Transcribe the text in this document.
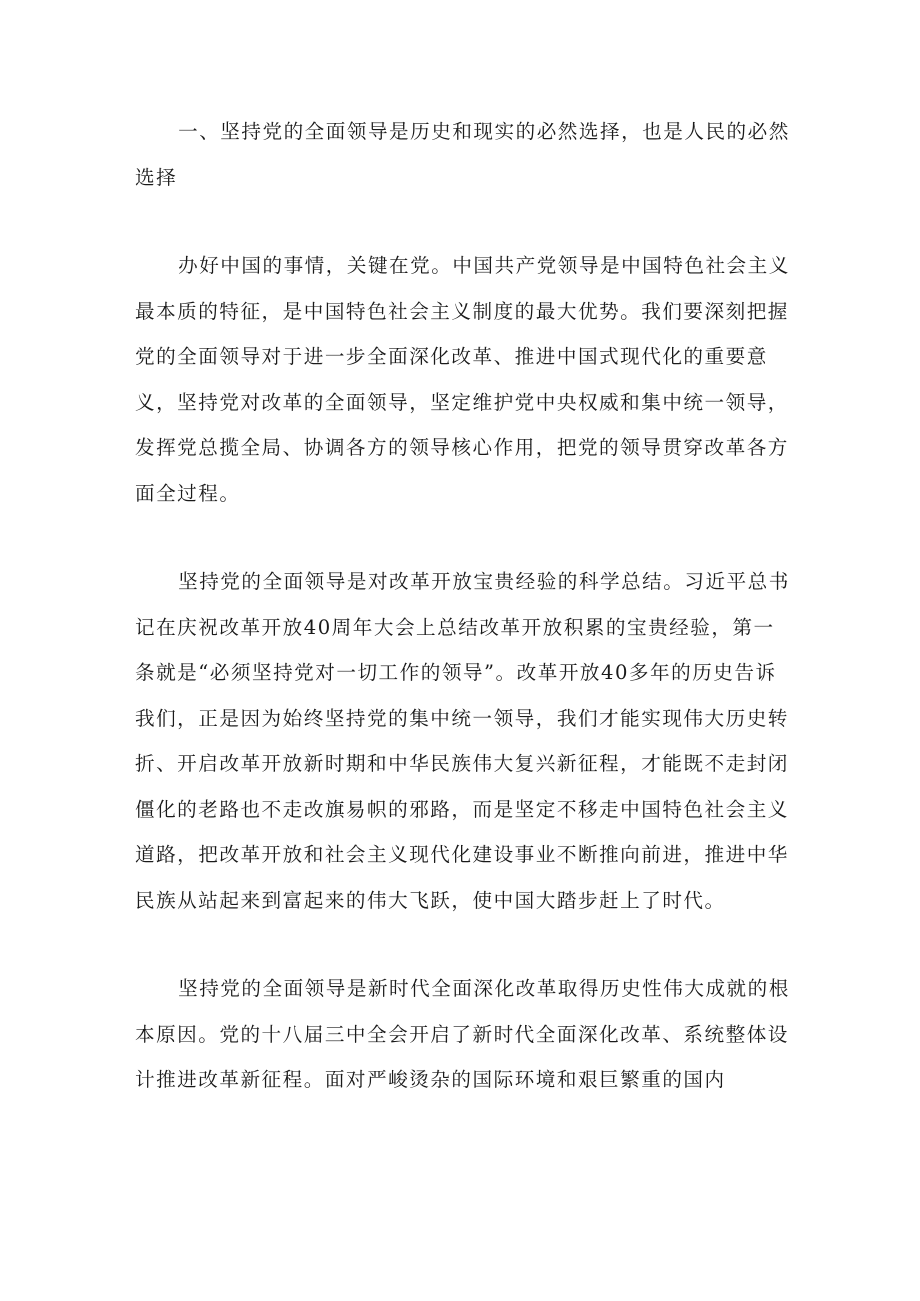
一、坚持党的全面领导是历史和现实的必然选择，也是人民的必然选择

办好中国的事情，关键在党。中国共产党领导是中国特色社会主义最本质的特征，是中国特色社会主义制度的最大优势。我们要深刻把握党的全面领导对于进一步全面深化改革、推进中国式现代化的重要意义，坚持党对改革的全面领导，坚定维护党中央权威和集中统一领导，发挥党总揽全局、协调各方的领导核心作用，把党的领导贯穿改革各方面全过程。

坚持党的全面领导是对改革开放宝贵经验的科学总结。习近平总书记在庆祝改革开放40周年大会上总结改革开放积累的宝贵经验，第一条就是“必须坚持党对一切工作的领导”。改革开放40多年的历史告诉我们，正是因为始终坚持党的集中统一领导，我们才能实现伟大历史转折、开启改革开放新时期和中华民族伟大复兴新征程，才能既不走封闭僵化的老路也不走改旗易帜的邪路，而是坚定不移走中国特色社会主义道路，把改革开放和社会主义现代化建设事业不断推向前进，推进中华民族从站起来到富起来的伟大飞跃，使中国大踏步赶上了时代。

坚持党的全面领导是新时代全面深化改革取得历史性伟大成就的根本原因。党的十八届三中全会开启了新时代全面深化改革、系统整体设计推进改革新征程。面对严峻烫杂的国际环境和艰巨繁重的国内
